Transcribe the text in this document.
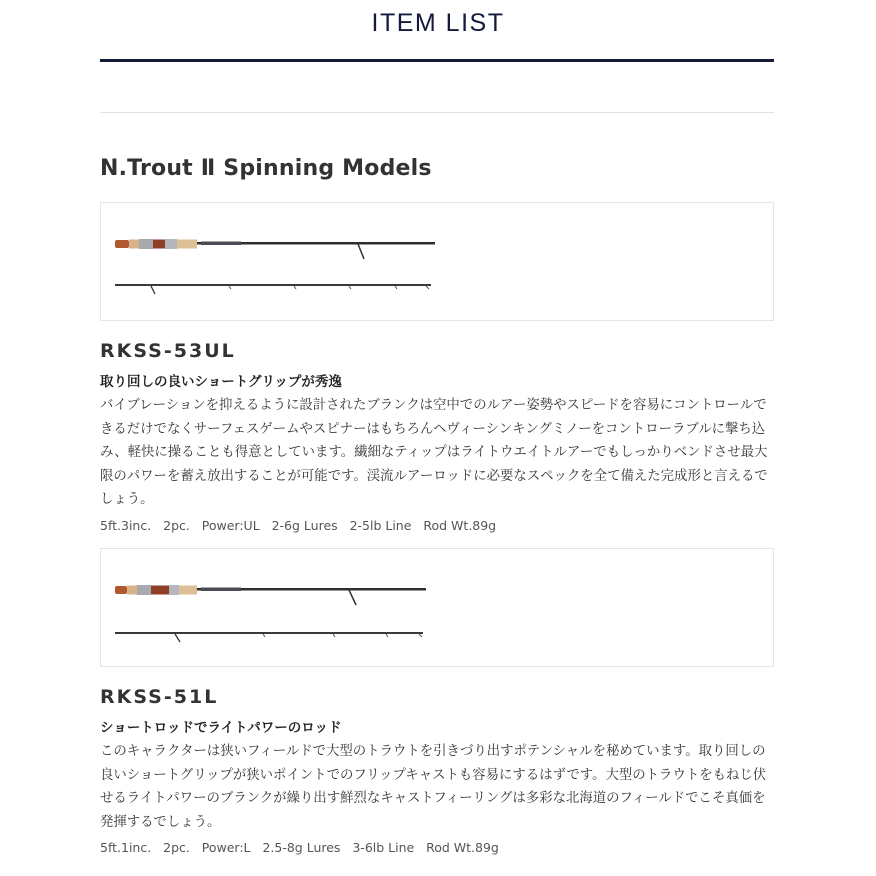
ITEM LIST
N.Trout Ⅱ Spinning Models
RKSS-53UL
取り回しの良いショートグリップが秀逸
バイブレーションを抑えるように設計されたブランクは空中でのルアー姿勢やスピードを容易にコントロールできるだけでなくサーフェスゲームやスピナーはもちろんヘヴィーシンキングミノーをコントローラブルに撃ち込み、軽快に操ることも得意としています。繊細なティップはライトウエイトルアーでもしっかりベンドさせ最大限のパワーを蓄え放出することが可能です。渓流ルアーロッドに必要なスペックを全て備えた完成形と言えるでしょう。
5ft.3inc.   2pc.   Power:UL   2-6g Lures   2-5lb Line   Rod Wt.89g
RKSS-51L
ショートロッドでライトパワーのロッド
このキャラクターは狭いフィールドで大型のトラウトを引きづり出すポテンシャルを秘めています。取り回しの良いショートグリップが狭いポイントでのフリップキャストも容易にするはずです。大型のトラウトをもねじ伏せるライトパワーのブランクが繰り出す鮮烈なキャストフィーリングは多彩な北海道のフィールドでこそ真価を発揮するでしょう。
5ft.1inc.   2pc.   Power:L   2.5-8g Lures   3-6lb Line   Rod Wt.89g
